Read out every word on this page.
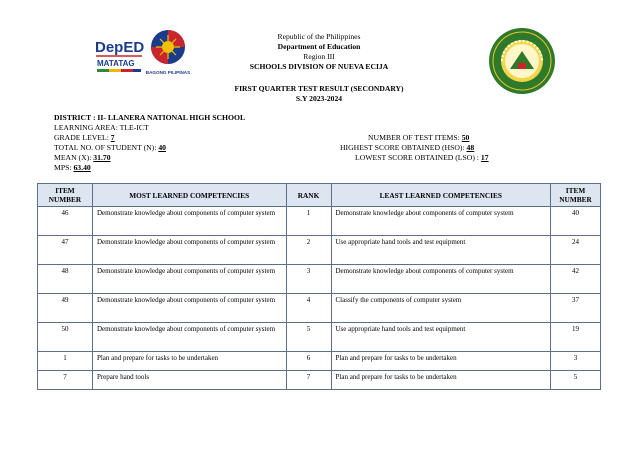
DepED
MATATAG
BAGONG PILIPINAS
Republic of the Philippines
Department of Education
Region III
SCHOOLS DIVISION OF NUEVA ECIJA
FIRST QUARTER TEST RESULT (SECONDARY)
S.Y 2023-2024
DISTRICT : II- LLANERA NATIONAL HIGH SCHOOL
LEARNING AREA: TLE-ICT
GRADE LEVEL: 7
TOTAL NO. OF STUDENT (N): 40
MEAN (X): 31.70
MPS: 63.40
NUMBER OF TEST ITEMS: 50
HIGHEST SCORE OBTAINED (HSO): 48
LOWEST SCORE OBTAINED (LSO) : 17
ITEM NUMBER	MOST LEARNED COMPETENCIES	RANK	LEAST LEARNED COMPETENCIES	ITEM NUMBER
46	Demonstrate knowledge about components of computer system	1	Demonstrate knowledge about components of computer system	40
47	Demonstrate knowledge about components of computer system	2	Use appropriate hand tools and test equipment	24
48	Demonstrate knowledge about components of computer system	3	Demonstrate knowledge about components of computer system	42
49	Demonstrate knowledge about components of computer system	4	Classify the components of computer system	37
50	Demonstrate knowledge about components of computer system	5	Use appropriate hand tools and test equipment	19
1	Plan and prepare for tasks to be undertaken	6	Plan and prepare for tasks to be undertaken	3
7	Prepare hand tools	7	Plan and prepare for tasks to be undertaken	5
